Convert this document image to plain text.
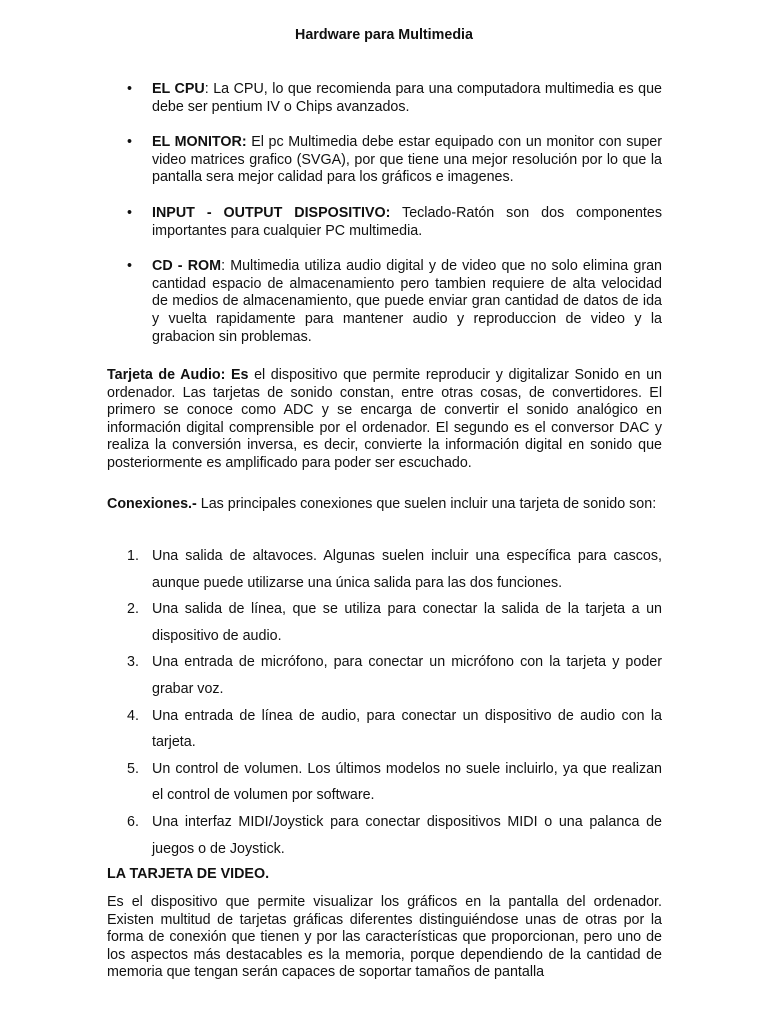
Hardware para Multimedia
• EL CPU: La CPU, lo que recomienda para una computadora multimedia es que debe ser pentium IV o Chips avanzados.
• EL MONITOR: El pc Multimedia debe estar equipado con un monitor con super video matrices grafico (SVGA), por que tiene una mejor resolución por lo que la pantalla sera mejor calidad para los gráficos e imagenes.
• INPUT - OUTPUT DISPOSITIVO: Teclado-Ratón son dos componentes importantes para cualquier PC multimedia.
• CD - ROM: Multimedia utiliza audio digital y de video que no solo elimina gran cantidad espacio de almacenamiento pero tambien requiere de alta velocidad de medios de almacenamiento, que puede enviar gran cantidad de datos de ida y vuelta rapidamente para mantener audio y reproduccion de video y la grabacion sin problemas.

Tarjeta de Audio: Es el dispositivo que permite reproducir y digitalizar Sonido en un ordenador. Las tarjetas de sonido constan, entre otras cosas, de convertidores. El primero se conoce como ADC y se encarga de convertir el sonido analógico en información digital comprensible por el ordenador. El segundo es el conversor DAC y realiza la conversión inversa, es decir, convierte la información digital en sonido que posteriormente es amplificado para poder ser escuchado.

Conexiones.- Las principales conexiones que suelen incluir una tarjeta de sonido son:

1. Una salida de altavoces. Algunas suelen incluir una específica para cascos, aunque puede utilizarse una única salida para las dos funciones.
2. Una salida de línea, que se utiliza para conectar la salida de la tarjeta a un dispositivo de audio.
3. Una entrada de micrófono, para conectar un micrófono con la tarjeta y poder grabar voz.
4. Una entrada de línea de audio, para conectar un dispositivo de audio con la tarjeta.
5. Un control de volumen. Los últimos modelos no suele incluirlo, ya que realizan el control de volumen por software.
6. Una interfaz MIDI/Joystick para conectar dispositivos MIDI o una palanca de juegos o de Joystick.

LA TARJETA DE VIDEO.

Es el dispositivo que permite visualizar los gráficos en la pantalla del ordenador. Existen multitud de tarjetas gráficas diferentes distinguiéndose unas de otras por la forma de conexión que tienen y por las características que proporcionan, pero uno de los aspectos más destacables es la memoria, porque dependiendo de la cantidad de memoria que tengan serán capaces de soportar tamaños de pantalla
